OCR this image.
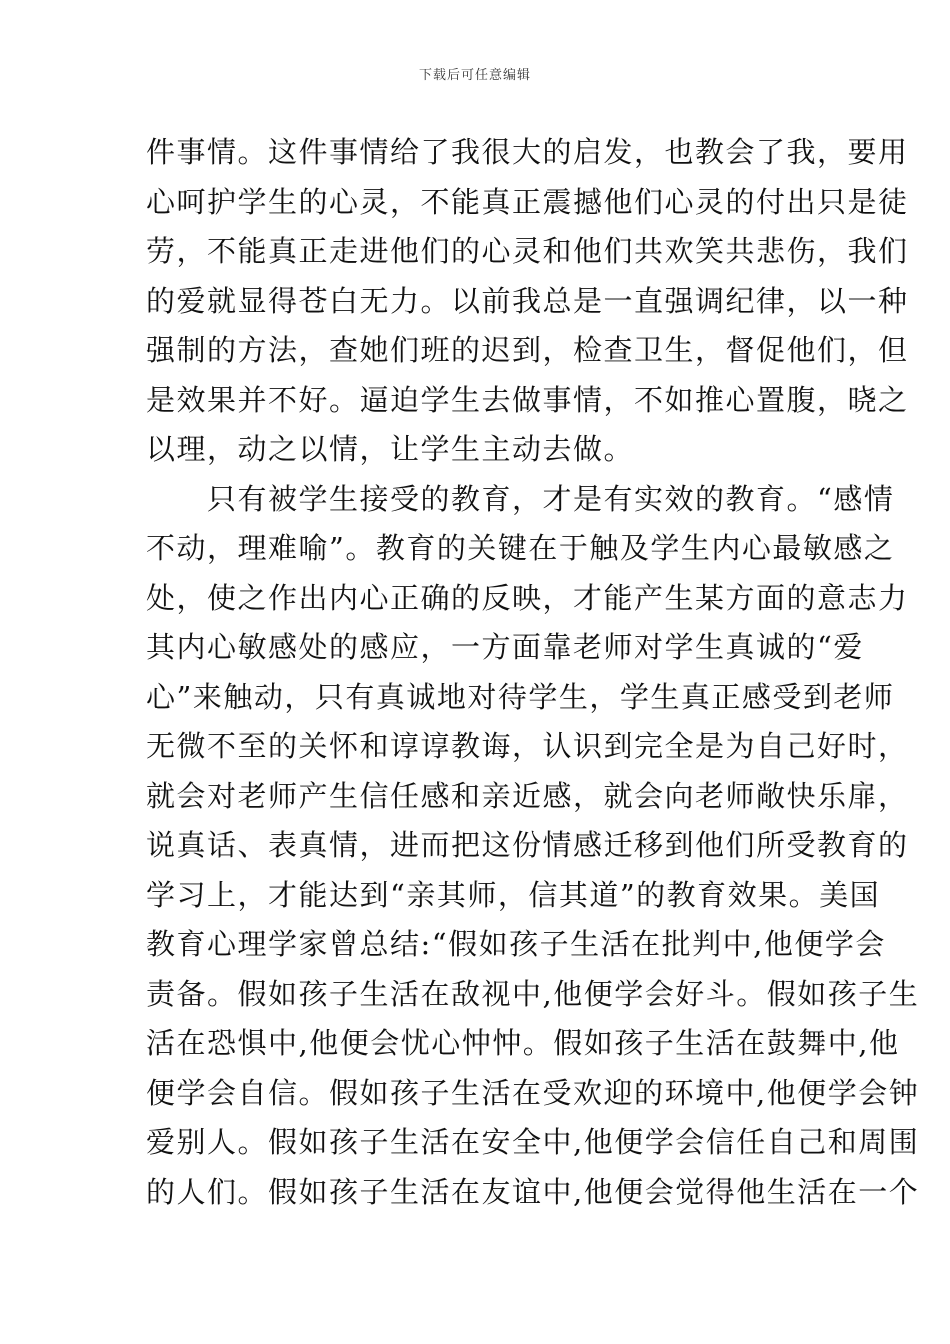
下载后可任意编辑
件事情。这件事情给了我很大的启发，也教会了我，要用
心呵护学生的心灵，不能真正震撼他们心灵的付出只是徒
劳，不能真正走进他们的心灵和他们共欢笑共悲伤，我们
的爱就显得苍白无力。以前我总是一直强调纪律，以一种
强制的方法，查她们班的迟到，检查卫生，督促他们，但
是效果并不好。逼迫学生去做事情，不如推心置腹，晓之
以理，动之以情，让学生主动去做。
　　只有被学生接受的教育，才是有实效的教育。“感情
不动，理难喻”。教育的关键在于触及学生内心最敏感之
处，使之作出内心正确的反映，才能产生某方面的意志力
其内心敏感处的感应，一方面靠老师对学生真诚的“爱
心”来触动，只有真诚地对待学生，学生真正感受到老师
无微不至的关怀和谆谆教诲，认识到完全是为自己好时，
就会对老师产生信任感和亲近感，就会向老师敞快乐扉，
说真话、表真情，进而把这份情感迁移到他们所受教育的
学习上，才能达到“亲其师，信其道”的教育效果。美国
教育心理学家曾总结:“假如孩子生活在批判中,他便学会
责备。假如孩子生活在敌视中,他便学会好斗。假如孩子生
活在恐惧中,他便会忧心忡忡。假如孩子生活在鼓舞中,他
便学会自信。假如孩子生活在受欢迎的环境中,他便学会钟
爱别人。假如孩子生活在安全中,他便学会信任自己和周围
的人们。假如孩子生活在友谊中,他便会觉得他生活在一个
